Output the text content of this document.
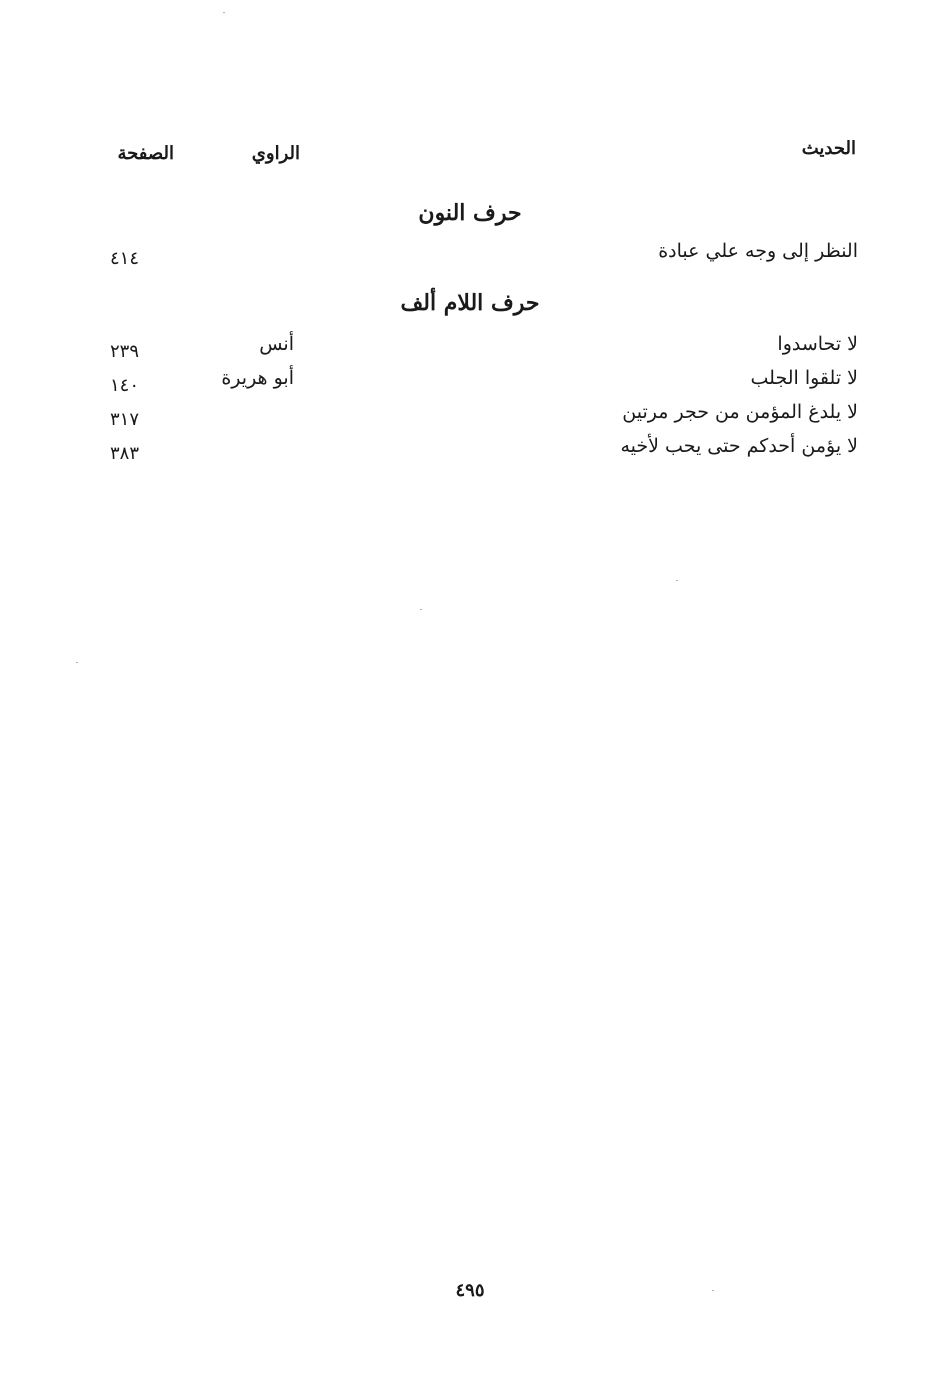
الحديث
الراوي
الصفحة
حرف النون
النظر إلى وجه علي عبادة
٤١٤
حرف اللام ألف
لا تحاسدوا
أنس
٢٣٩
لا تلقوا الجلب
أبو هريرة
١٤٠
لا يلدغ المؤمن من حجر مرتين
٣١٧
لا يؤمن أحدكم حتى يحب لأخيه
٣٨٣
٤٩٥
